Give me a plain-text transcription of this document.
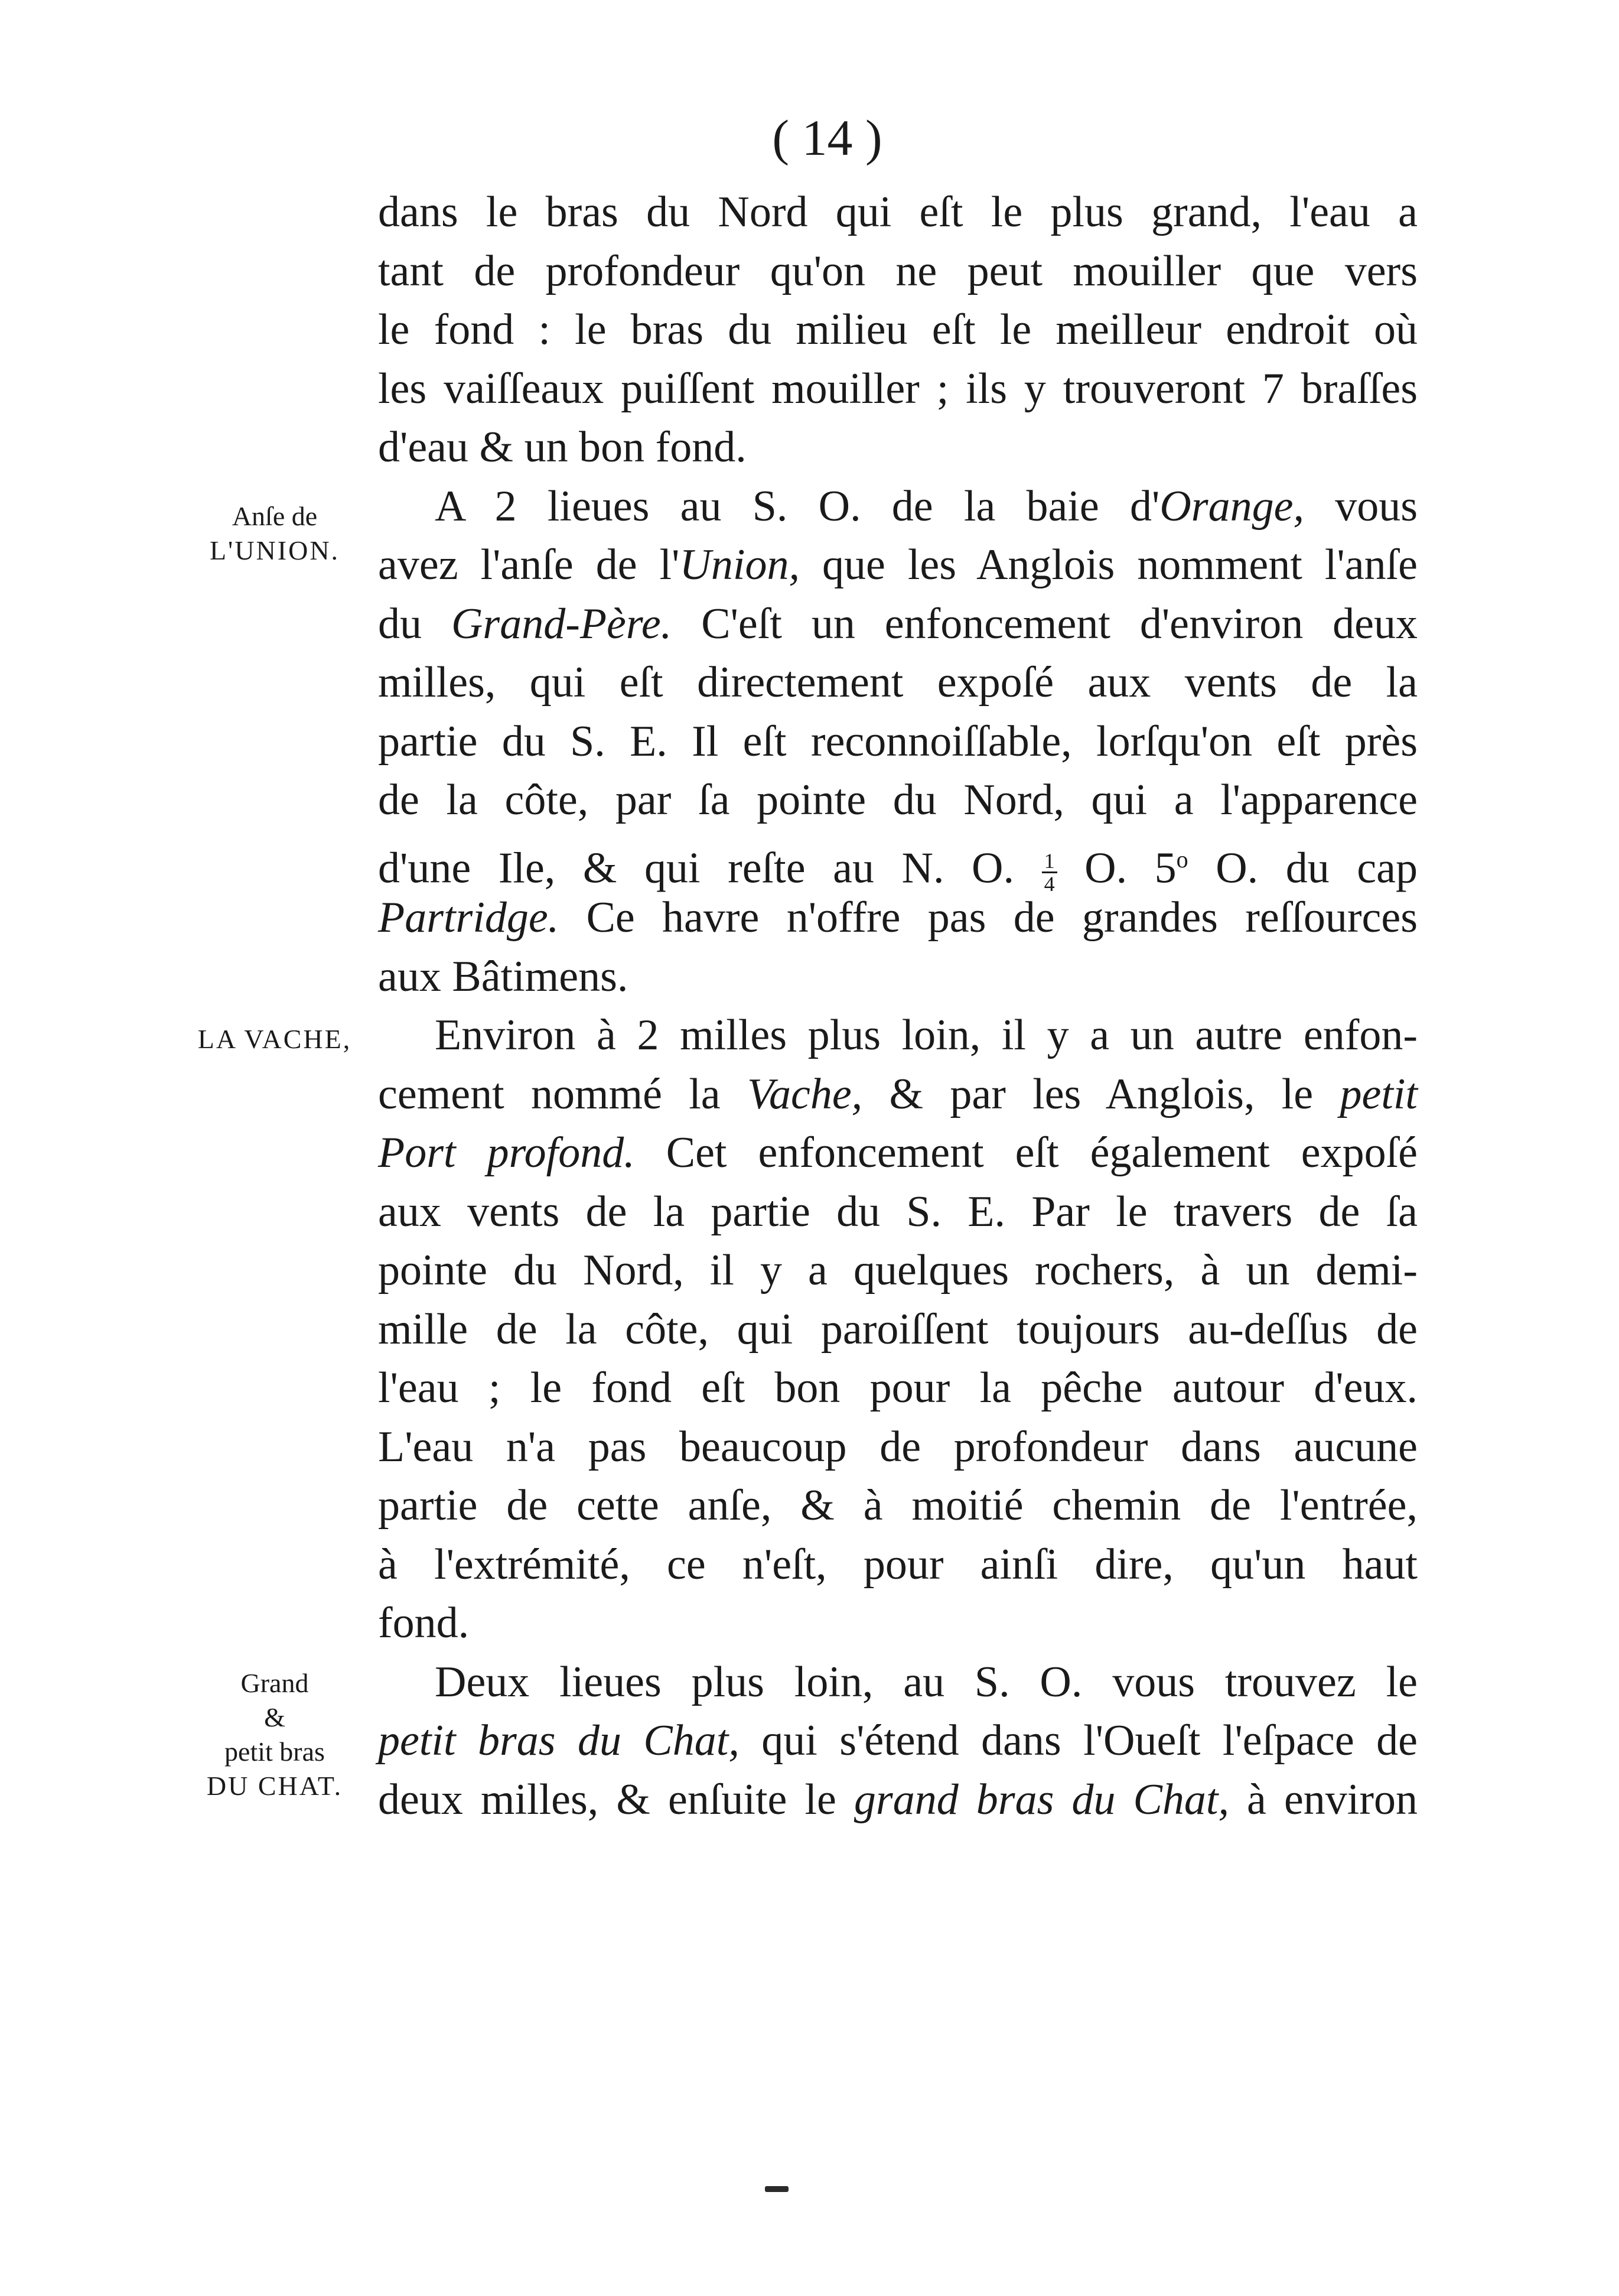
( 14 )
Anſe de
L'UNION.
LA VACHE,
Grand
&
petit bras
DU CHAT.
dans le bras du Nord qui eſt le plus grand, l'eau a
tant de profondeur qu'on ne peut mouiller que vers
le fond : le bras du milieu eſt le meilleur endroit où
les vaiſſeaux puiſſent mouiller ; ils y trouveront 7 braſſes
d'eau & un bon fond.
A 2 lieues au S. O. de la baie d'Orange, vous
avez l'anſe de l'Union, que les Anglois nomment l'anſe
du Grand-Père. C'eſt un enfoncement d'environ deux
milles, qui eſt directement expoſé aux vents de la
partie du S. E. Il eſt reconnoiſſable, lorſqu'on eſt près
de la côte, par ſa pointe du Nord, qui a l'apparence
d'une Ile, & qui reſte au N. O. $\frac{1}{4} O$. 5$^o$ O. du cap
Partridge. Ce havre n'offre pas de grandes reſſources
aux Bâtimens.
Environ à 2 milles plus loin, il y a un autre enfon-
cement nommé la Vache, & par les Anglois, le petit
Port profond. Cet enfoncement eſt également expoſé
aux vents de la partie du S. E. Par le travers de ſa
pointe du Nord, il y a quelques rochers, à un demi-
mille de la côte, qui paroiſſent toujours au-deſſus de
l'eau ; le fond eſt bon pour la pêche autour d'eux.
L'eau n'a pas beaucoup de profondeur dans aucune
partie de cette anſe, & à moitié chemin de l'entrée,
à l'extrémité, ce n'eſt, pour ainſi dire, qu'un haut
fond.
Deux lieues plus loin, au S. O. vous trouvez le
petit bras du Chat, qui s'étend dans l'Oueſt l'eſpace de
deux milles, & enſuite le grand bras du Chat, à environ
